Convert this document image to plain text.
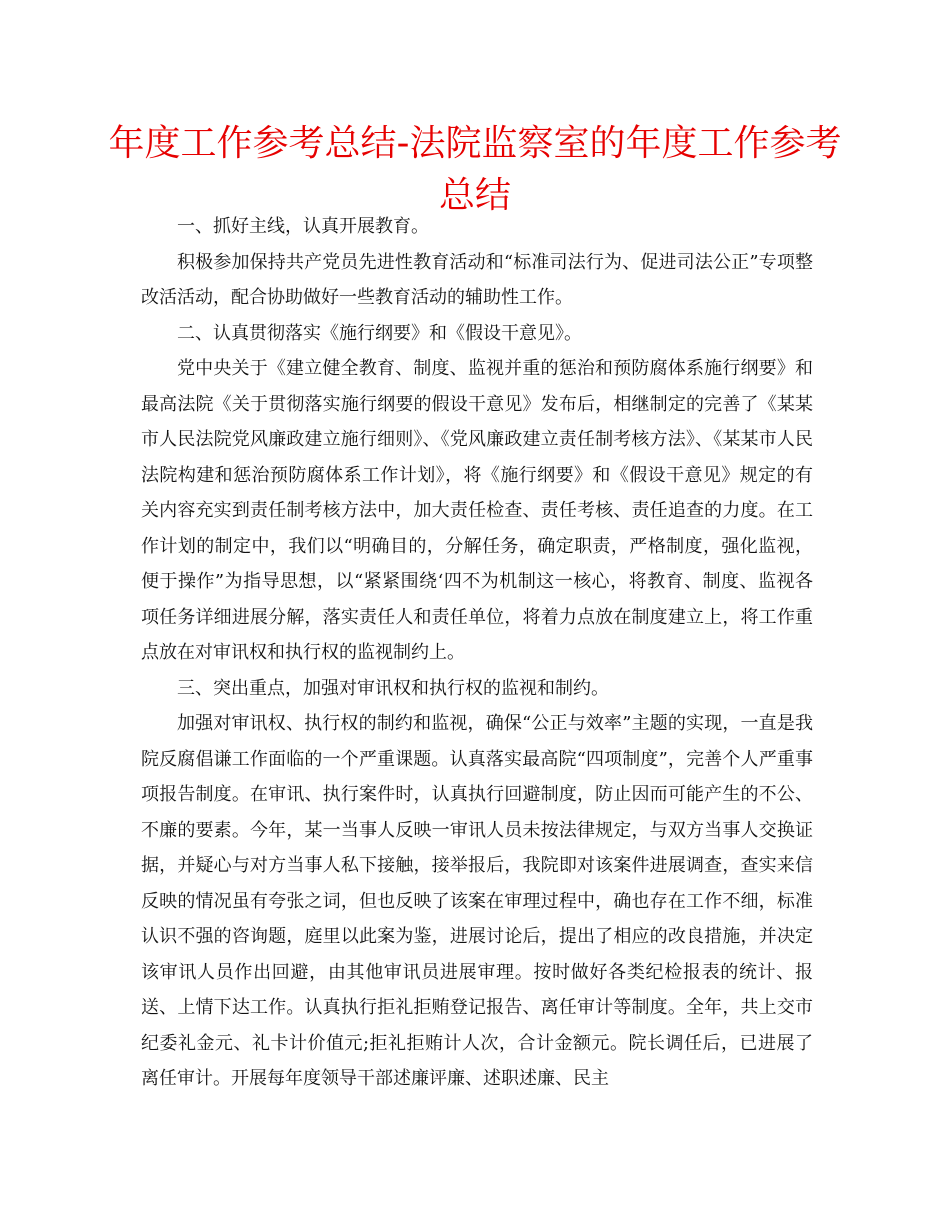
年度工作参考总结-法院监察室的年度工作参考总结

一、抓好主线，认真开展教育。

积极参加保持共产党员先进性教育活动和“标准司法行为、促进司法公正”专项整改活活动，配合协助做好一些教育活动的辅助性工作。

二、认真贯彻落实《施行纲要》和《假设干意见》。

党中央关于《建立健全教育、制度、监视并重的惩治和预防腐体系施行纲要》和最高法院《关于贯彻落实施行纲要的假设干意见》发布后，相继制定的完善了《某某市人民法院党风廉政建立施行细则》、《党风廉政建立责任制考核方法》、《某某市人民法院构建和惩治预防腐体系工作计划》，将《施行纲要》和《假设干意见》规定的有关内容充实到责任制考核方法中，加大责任检查、责任考核、责任追查的力度。在工作计划的制定中，我们以“明确目的，分解任务，确定职责，严格制度，强化监视，便于操作”为指导思想，以“紧紧围绕‘四不为机制这一核心，将教育、制度、监视各项任务详细进展分解，落实责任人和责任单位，将着力点放在制度建立上，将工作重点放在对审讯权和执行权的监视制约上。

三、突出重点，加强对审讯权和执行权的监视和制约。

加强对审讯权、执行权的制约和监视，确保“公正与效率”主题的实现，一直是我院反腐倡谦工作面临的一个严重课题。认真落实最高院“四项制度”，完善个人严重事项报告制度。在审讯、执行案件时，认真执行回避制度，防止因而可能产生的不公、不廉的要素。今年，某一当事人反映一审讯人员未按法律规定，与双方当事人交换证据，并疑心与对方当事人私下接触，接举报后，我院即对该案件进展调查，查实来信反映的情况虽有夸张之词，但也反映了该案在审理过程中，确也存在工作不细，标准认识不强的咨询题，庭里以此案为鉴，进展讨论后，提出了相应的改良措施，并决定该审讯人员作出回避，由其他审讯员进展审理。按时做好各类纪检报表的统计、报送、上情下达工作。认真执行拒礼拒贿登记报告、离任审计等制度。全年，共上交市纪委礼金元、礼卡计价值元;拒礼拒贿计人次，合计金额元。院长调任后，已进展了离任审计。开展每年度领导干部述廉评廉、述职述廉、民主
